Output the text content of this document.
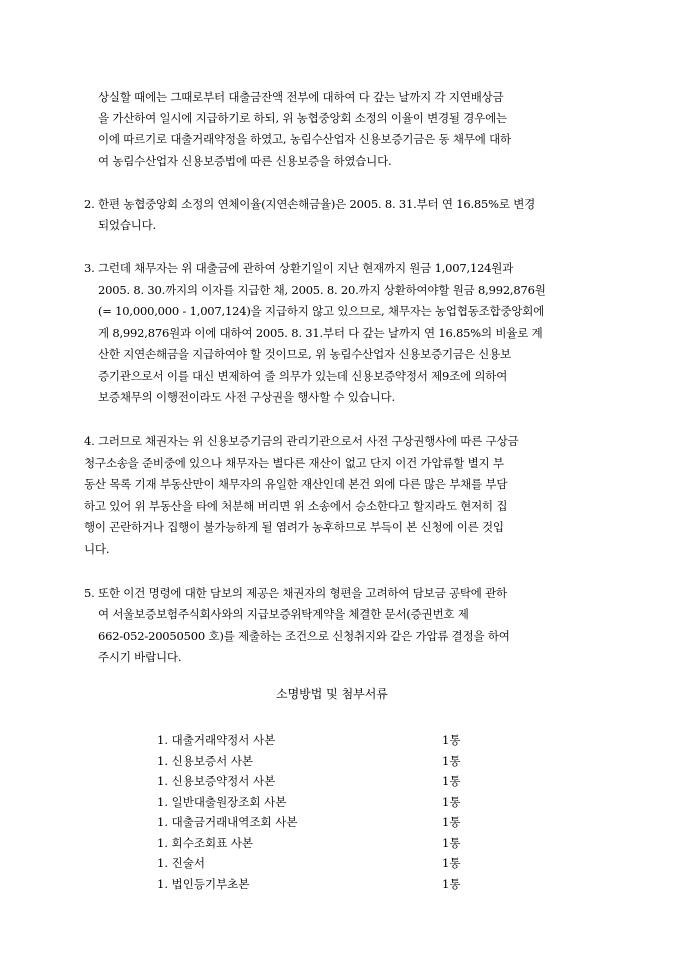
상실할 때에는 그때로부터 대출금잔액 전부에 대하여 다 갚는 날까지 각 지연배상금
을 가산하여 일시에 지급하기로 하되, 위 농협중앙회 소정의 이율이 변경될 경우에는
이에 따르기로 대출거래약정을 하였고, 농림수산업자 신용보증기금은 동 채무에 대하
여 농림수산업자 신용보증법에 따른 신용보증을 하였습니다.
2. 한편 농협중앙회 소정의 연체이율(지연손해금율)은 2005. 8. 31.부터 연 16.85%로 변경
되었습니다.
3. 그런데 채무자는 위 대출금에 관하여 상환기일이 지난 현재까지 원금 1,007,124원과
2005. 8. 30.까지의 이자를 지급한 채, 2005. 8. 20.까지 상환하여야할 원금 8,992,876원
(= 10,000,000 - 1,007,124)을 지급하지 않고 있으므로, 채무자는 농업협동조합중앙회에
게 8,992,876원과 이에 대하여 2005. 8. 31.부터 다 갚는 날까지 연 16.85%의 비율로 계
산한 지연손해금을 지급하여야 할 것이므로, 위 농림수산업자 신용보증기금은 신용보
증기관으로서 이를 대신 변제하여 줄 의무가 있는데 신용보증약정서 제9조에 의하여
보증채무의 이행전이라도 사전 구상권을 행사할 수 있습니다.
4. 그러므로 채권자는 위 신용보증기금의 관리기관으로서 사전 구상권행사에 따른 구상금
청구소송을 준비중에 있으나 채무자는 별다른 재산이 없고 단지 이건 가압류할 별지 부
동산 목록 기재 부동산만이 채무자의 유일한 재산인데 본건 외에 다른 많은 부채를 부담
하고 있어 위 부동산을 타에 처분해 버리면 위 소송에서 승소한다고 할지라도 현저히 집
행이 곤란하거나 집행이 불가능하게 될 염려가 농후하므로 부득이 본 신청에 이른 것입
니다.
5. 또한 이건 명령에 대한 담보의 제공은 채권자의 형편을 고려하여 담보금 공탁에 관하
여 서울보증보험주식회사와의 지급보증위탁계약을 체결한 문서(증권번호 제
662-052-20050500 호)를 제출하는 조건으로 신청취지와 같은 가압류 결정을 하여
주시기 바랍니다.
소명방법 및 첨부서류
1. 대출거래약정서 사본	1통
1. 신용보증서 사본	1통
1. 신용보증약정서 사본	1통
1. 일반대출원장조회 사본	1통
1. 대출금거래내역조회 사본	1통
1. 회수조회표 사본	1통
1. 진술서	1통
1. 법인등기부초본	1통
